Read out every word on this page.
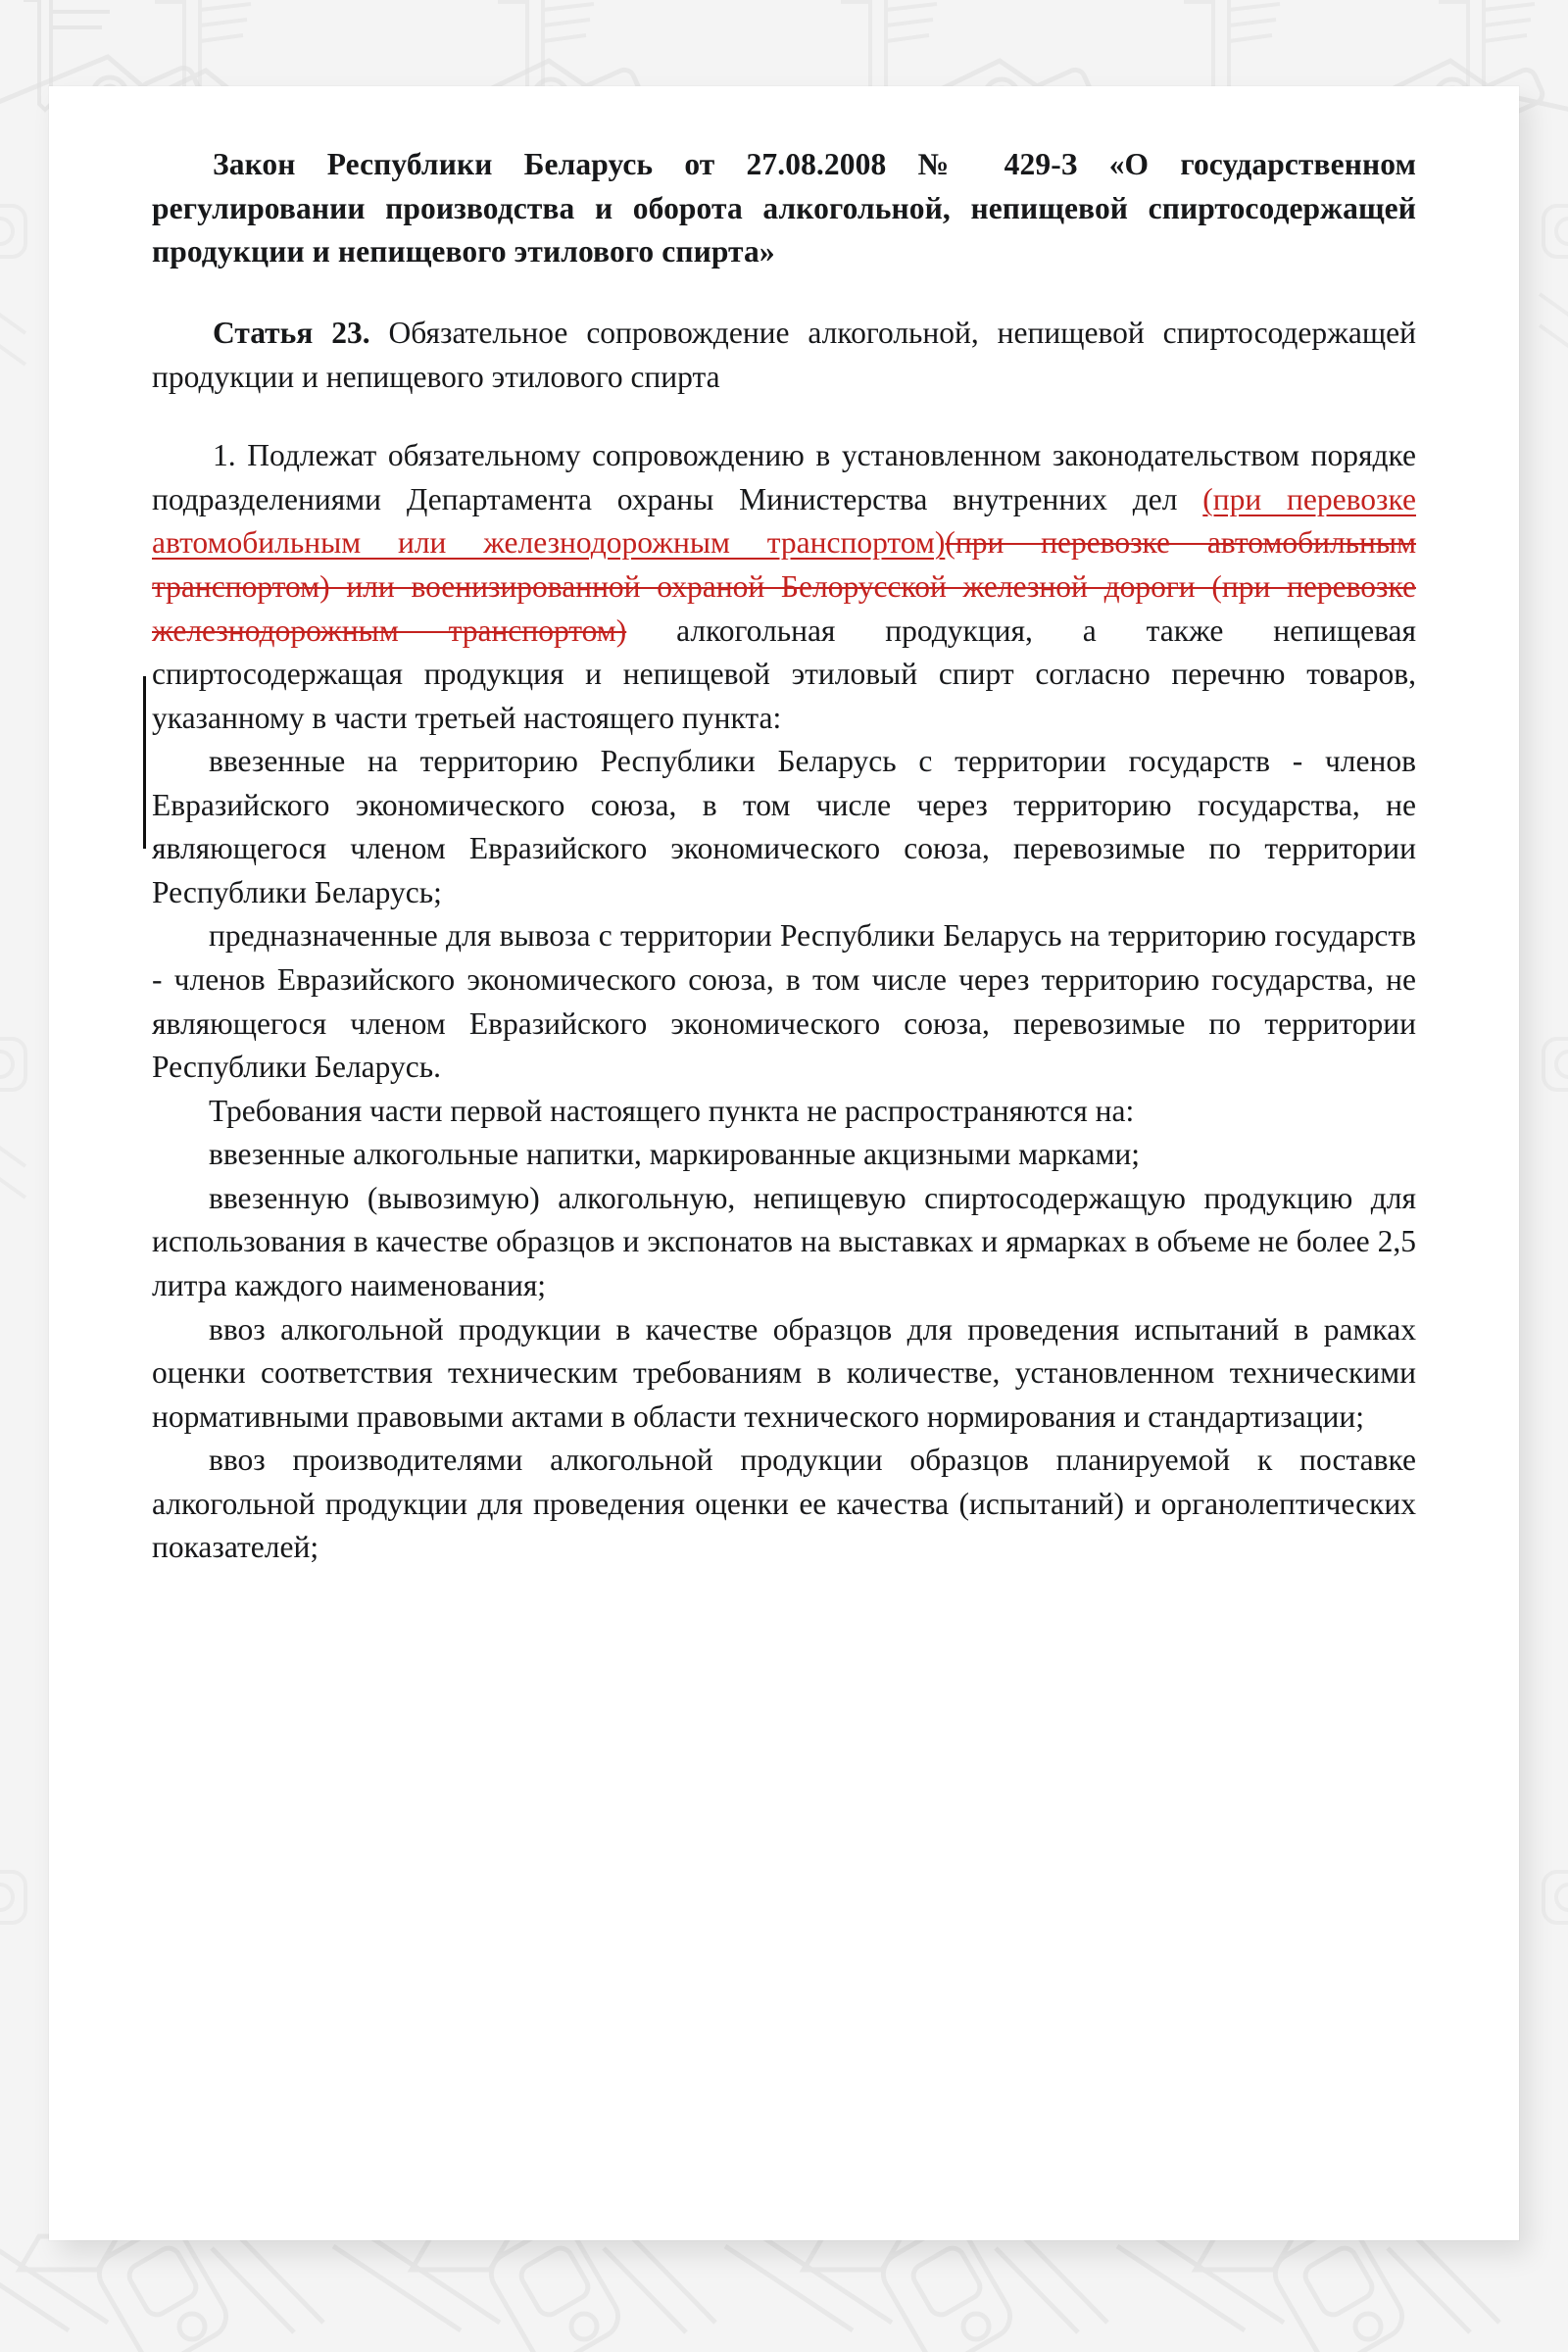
Закон Республики Беларусь от 27.08.2008 № 429-З «О государственном регулировании производства и оборота алкогольной, непищевой спиртосодержащей продукции и непищевого этилового спирта»
Статья 23. Обязательное сопровождение алкогольной, непищевой спиртосодержащей продукции и непищевого этилового спирта
1. Подлежат обязательному сопровождению в установленном законодательством порядке подразделениями Департамента охраны Министерства внутренних дел (при перевозке автомобильным или железнодорожным транспортом)(при перевозке автомобильным транспортом) или военизированной охраной Белорусской железной дороги (при перевозке железнодорожным транспортом) алкогольная продукция, а также непищевая спиртосодержащая продукция и непищевой этиловый спирт согласно перечню товаров, указанному в части третьей настоящего пункта:
ввезенные на территорию Республики Беларусь с территории государств - членов Евразийского экономического союза, в том числе через территорию государства, не являющегося членом Евразийского экономического союза, перевозимые по территории Республики Беларусь;
предназначенные для вывоза с территории Республики Беларусь на территорию государств - членов Евразийского экономического союза, в том числе через территорию государства, не являющегося членом Евразийского экономического союза, перевозимые по территории Республики Беларусь.
Требования части первой настоящего пункта не распространяются на:
ввезенные алкогольные напитки, маркированные акцизными марками;
ввезенную (вывозимую) алкогольную, непищевую спиртосодержащую продукцию для использования в качестве образцов и экспонатов на выставках и ярмарках в объеме не более 2,5 литра каждого наименования;
ввоз алкогольной продукции в качестве образцов для проведения испытаний в рамках оценки соответствия техническим требованиям в количестве, установленном техническими нормативными правовыми актами в области технического нормирования и стандартизации;
ввоз производителями алкогольной продукции образцов планируемой к поставке алкогольной продукции для проведения оценки ее качества (испытаний) и органолептических показателей;
